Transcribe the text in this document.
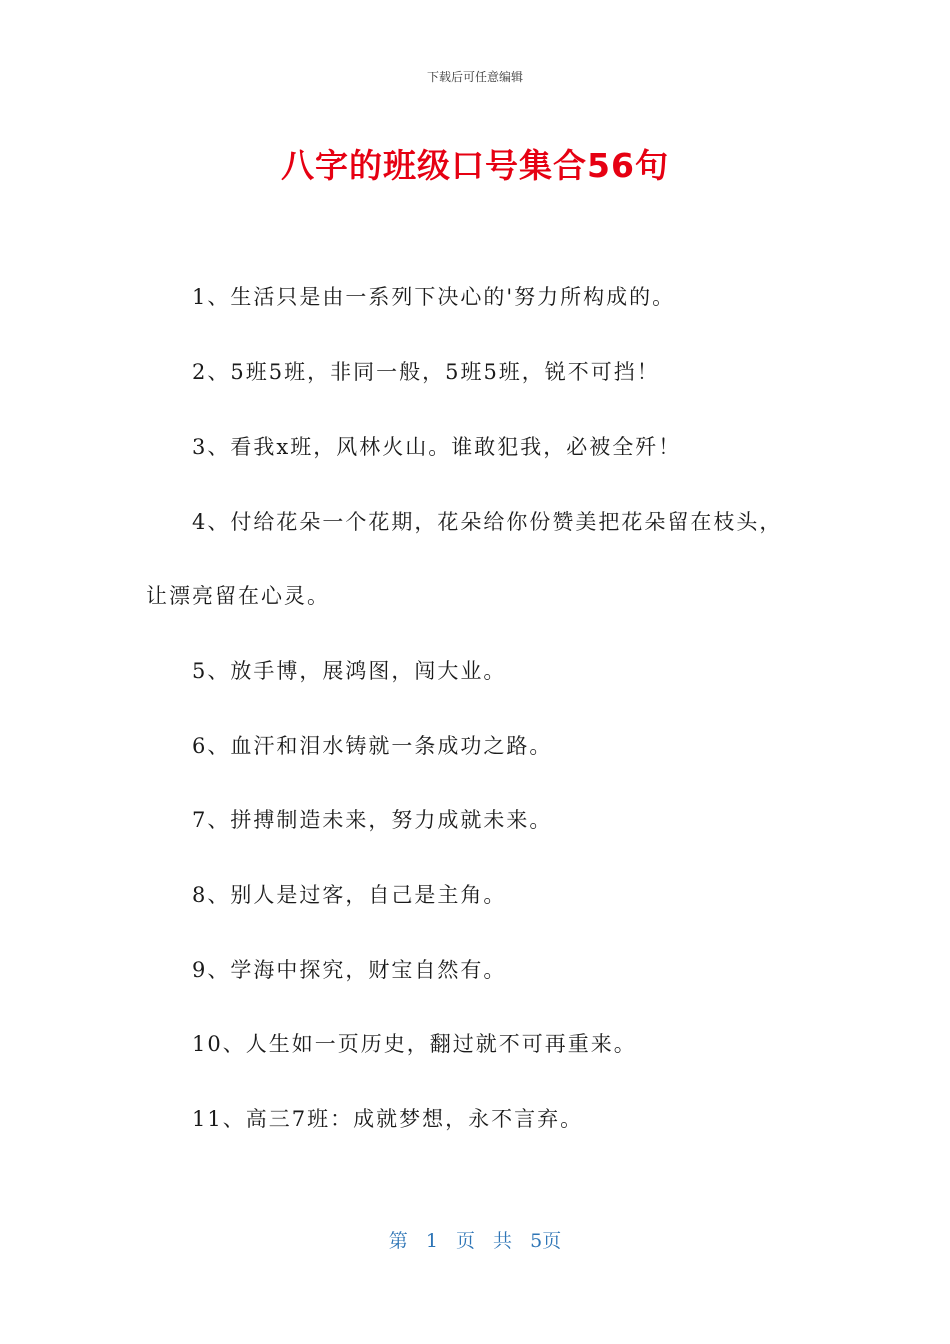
下载后可任意编辑
八字的班级口号集合56句
1、生活只是由一系列下决心的'努力所构成的。
2、5班5班，非同一般，5班5班，锐不可挡！
3、看我x班，风林火山。谁敢犯我，必被全歼！
4、付给花朵一个花期，花朵给你份赞美把花朵留在枝头，
让漂亮留在心灵。
5、放手博，展鸿图，闯大业。
6、血汗和泪水铸就一条成功之路。
7、拼搏制造未来，努力成就未来。
8、别人是过客，自己是主角。
9、学海中探究，财宝自然有。
10、人生如一页历史，翻过就不可再重来。
11、高三7班：成就梦想，永不言弃。
第 1 页 共 5页
